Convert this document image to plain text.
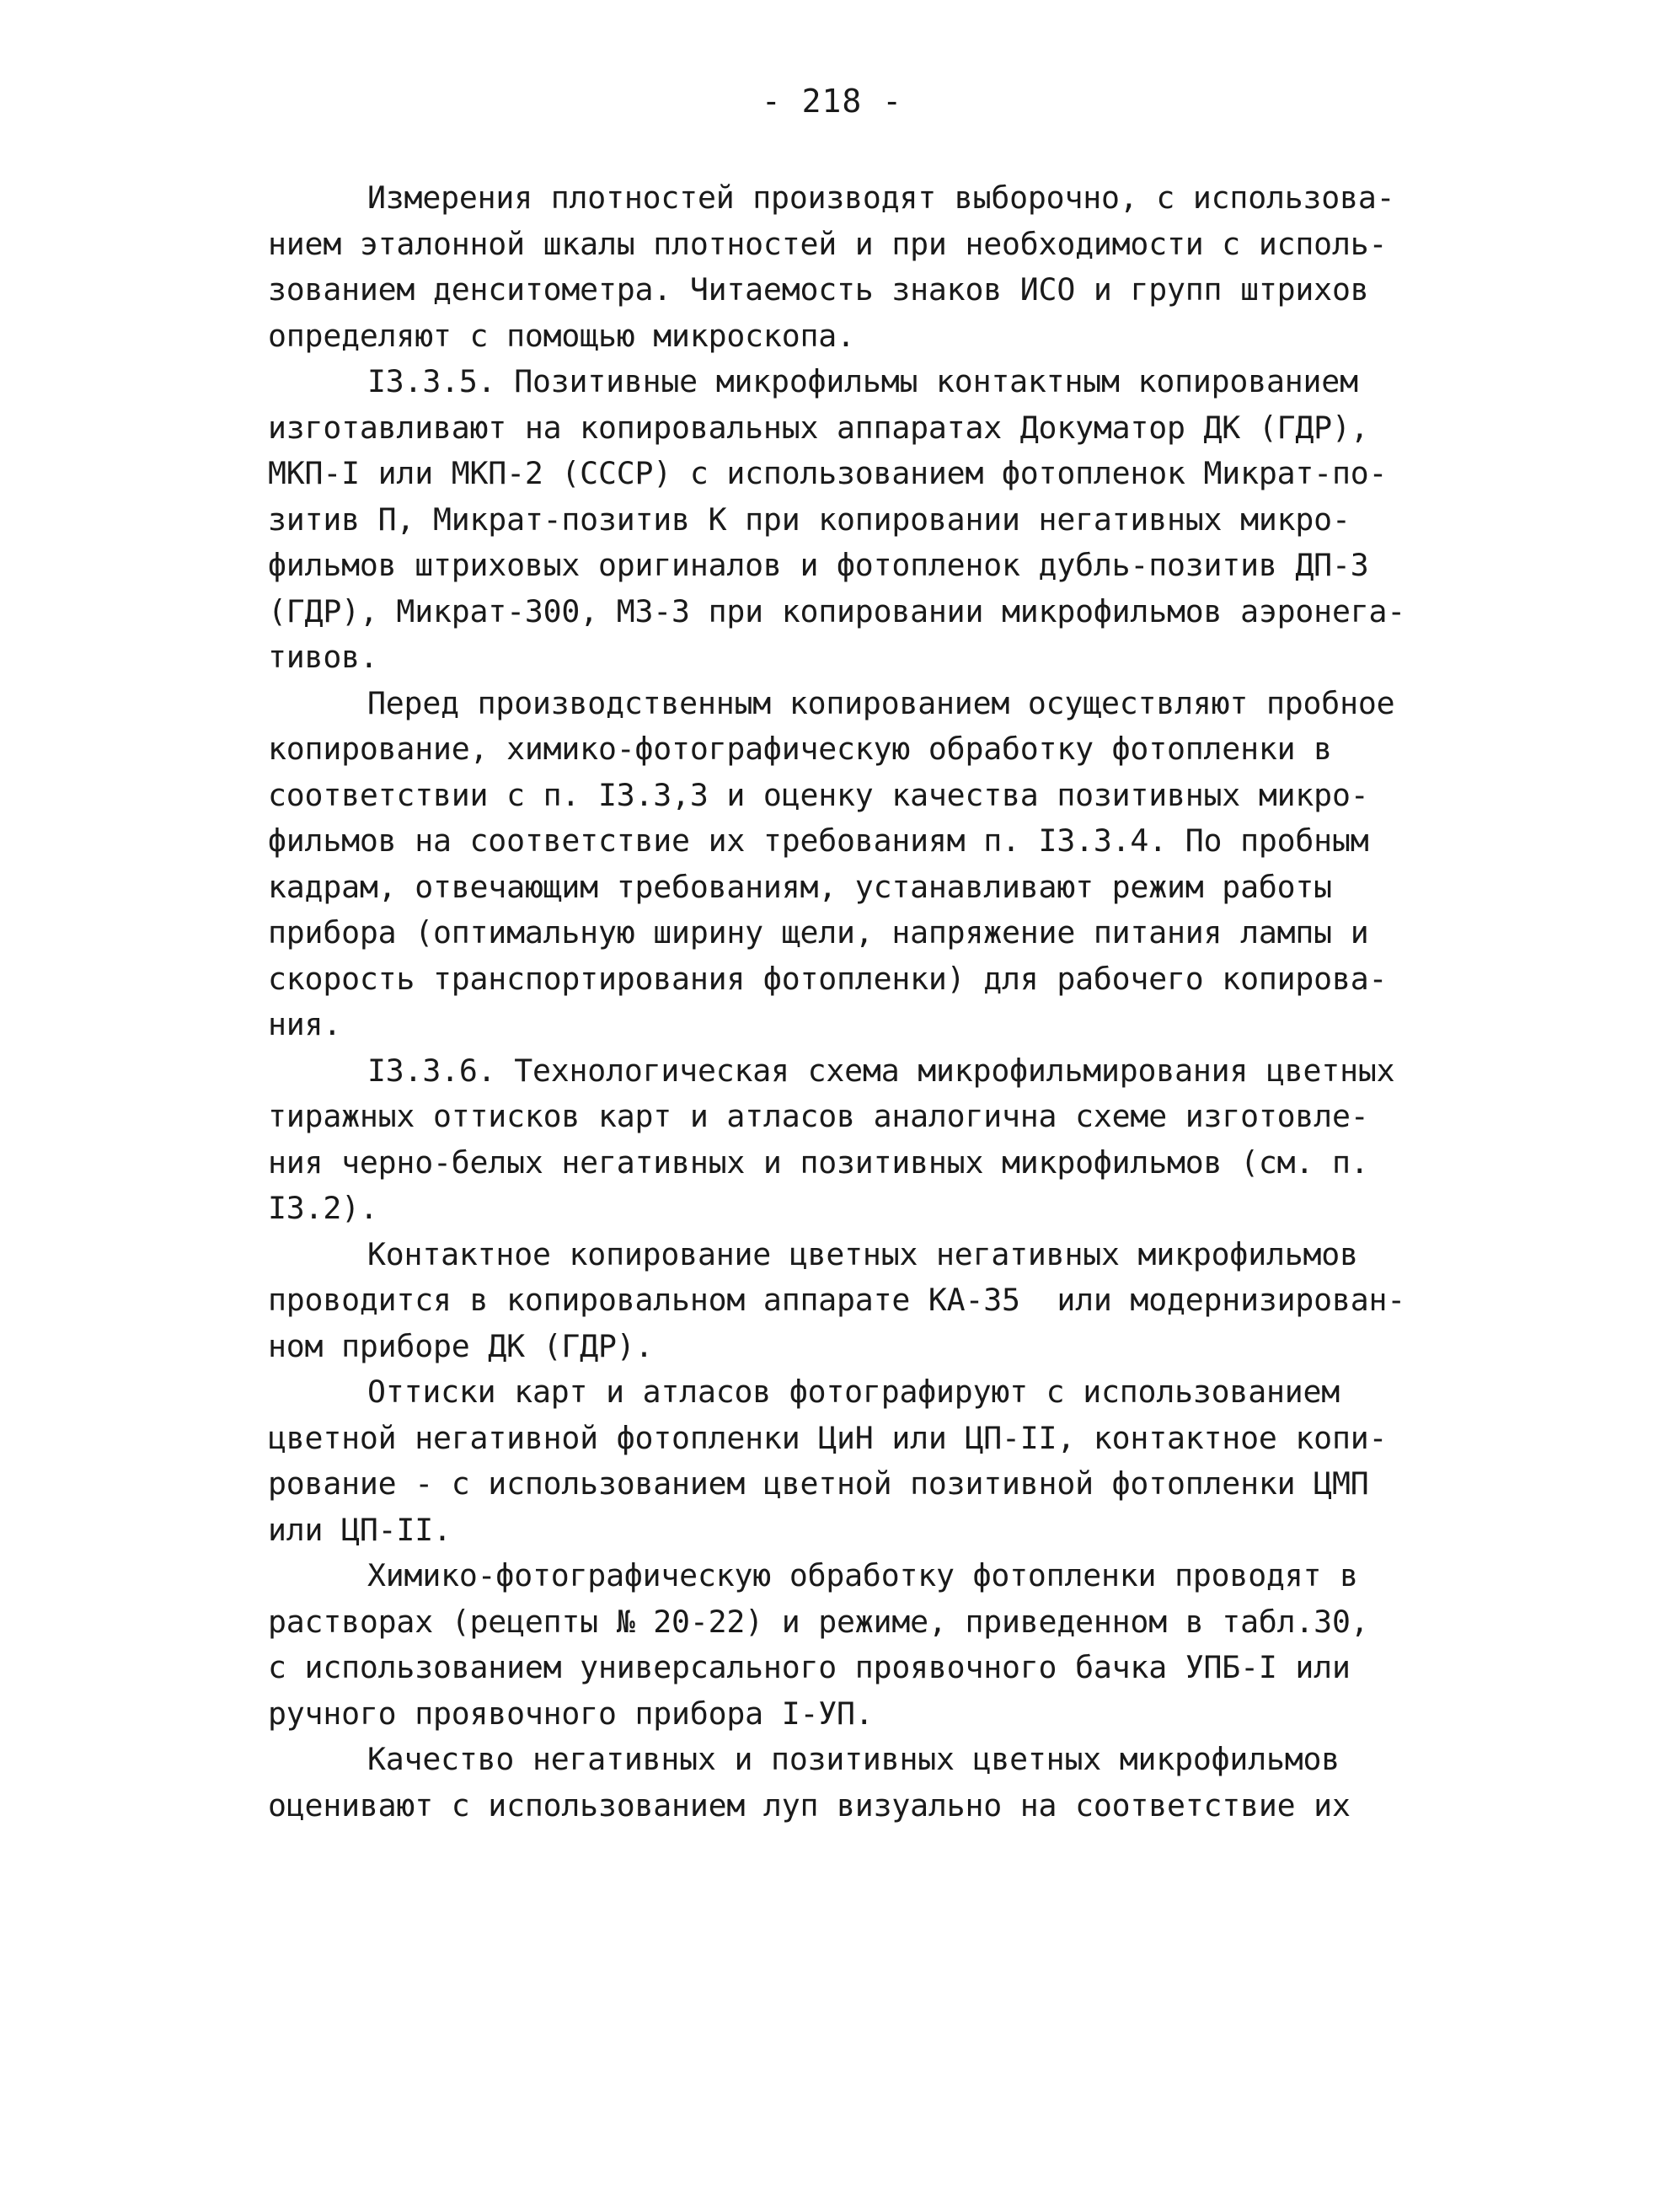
- 218 -
Измерения плотностей производят выборочно, с использова-
нием эталонной шкалы плотностей и при необходимости с исполь-
зованием денситометра. Читаемость знаков ИСО и групп штрихов
определяют с помощью микроскопа.
I3.3.5. Позитивные микрофильмы контактным копированием
изготавливают на копировальных аппаратах Докуматор ДК (ГДР),
МКП-I или МКП-2 (СССР) с использованием фотопленок Микрат-по-
зитив П, Микрат-позитив К при копировании негативных микро-
фильмов штриховых оригиналов и фотопленок дубль-позитив ДП-3
(ГДР), Микрат-300, МЗ-3 при копировании микрофильмов аэронега-
тивов.
Перед производственным копированием осуществляют пробное
копирование, химико-фотографическую обработку фотопленки в
соответствии с п. I3.3,3 и оценку качества позитивных микро-
фильмов на соответствие их требованиям п. I3.3.4. По пробным
кадрам, отвечающим требованиям, устанавливают режим работы
прибора (оптимальную ширину щели, напряжение питания лампы и
скорость транспортирования фотопленки) для рабочего копирова-
ния.
I3.3.6. Технологическая схема микрофильмирования цветных
тиражных оттисков карт и атласов аналогична схеме изготовле-
ния черно-белых негативных и позитивных микрофильмов (см. п.
I3.2).
Контактное копирование цветных негативных микрофильмов
проводится в копировальном аппарате КА-35  или модернизирован-
ном приборе ДК (ГДР).
Оттиски карт и атласов фотографируют с использованием
цветной негативной фотопленки ЦиН или ЦП-II, контактное копи-
рование - с использованием цветной позитивной фотопленки ЦМП
или ЦП-II.
Химико-фотографическую обработку фотопленки проводят в
растворах (рецепты № 20-22) и режиме, приведенном в табл.30,
с использованием универсального проявочного бачка УПБ-I или
ручного проявочного прибора I-УП.
Качество негативных и позитивных цветных микрофильмов
оценивают с использованием луп визуально на соответствие их
